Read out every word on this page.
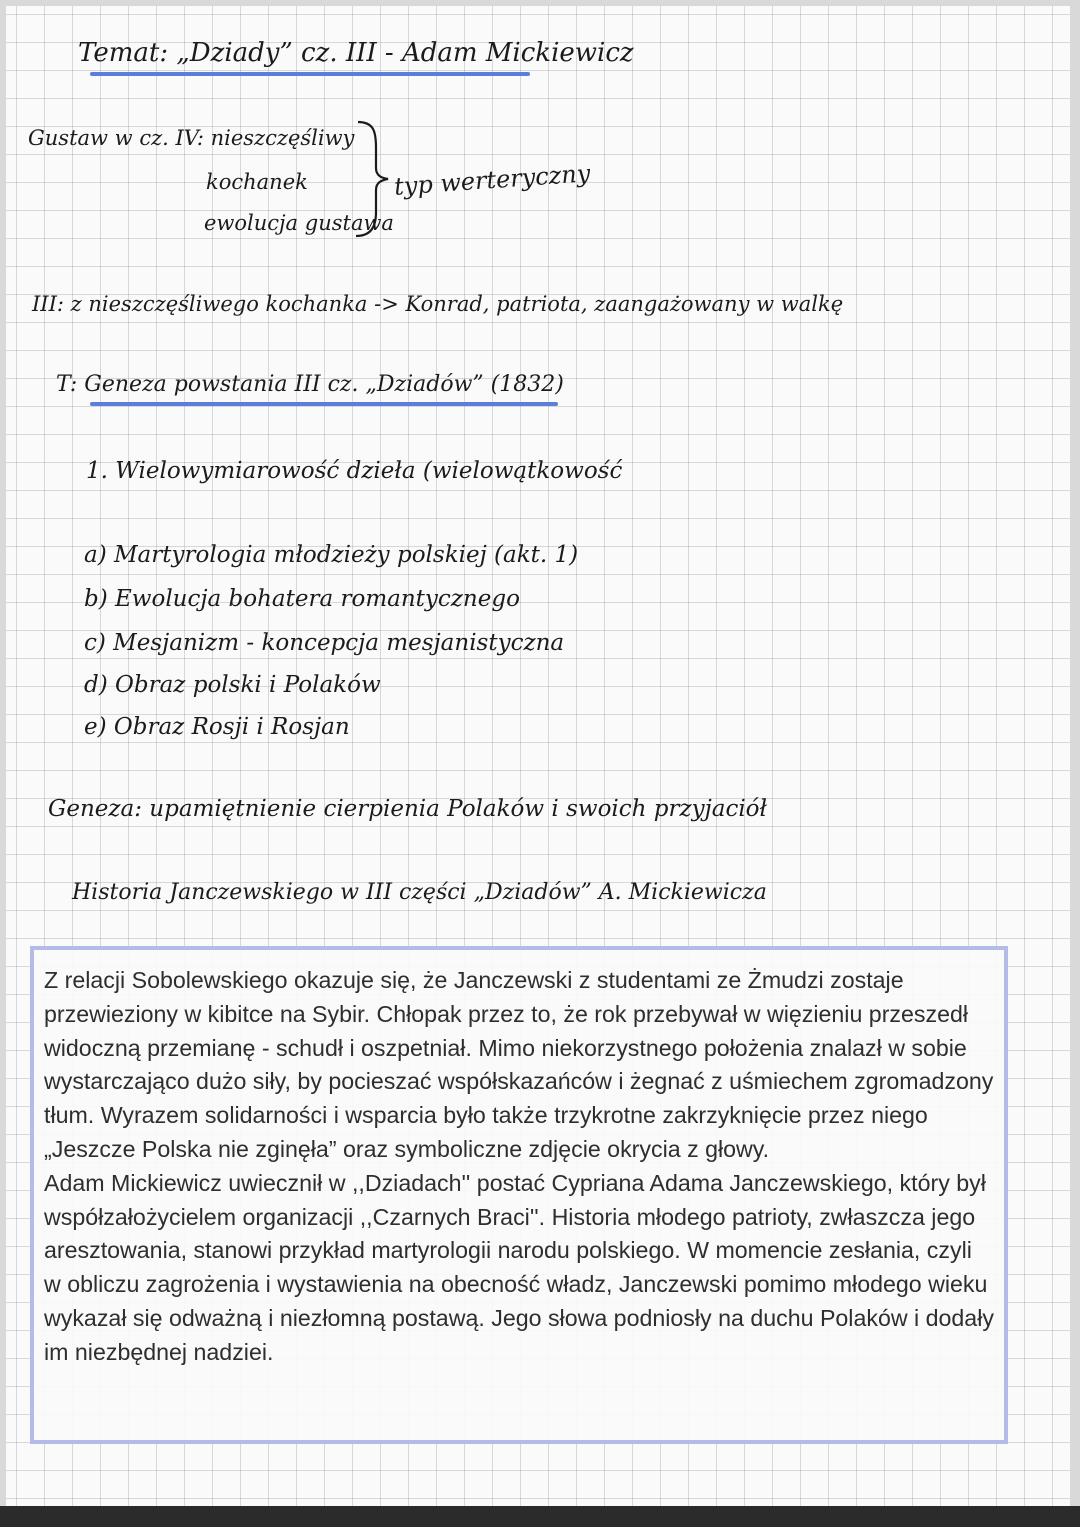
Temat: „Dziady” cz. III - Adam Mickiewicz
Gustaw w cz. IV: nieszczęśliwy
kochanek
ewolucja gustawa
typ werteryczny
III: z nieszczęśliwego kochanka -> Konrad, patriota, zaangażowany w walkę
T: Geneza powstania III cz. „Dziadów” (1832)
1. Wielowymiarowość dzieła (wielowątkowość
a) Martyrologia młodzieży polskiej (akt. 1)
b) Ewolucja bohatera romantycznego
c) Mesjanizm - koncepcja mesjanistyczna
d) Obraz polski i Polaków
e) Obraz Rosji i Rosjan
Geneza: upamiętnienie cierpienia Polaków i swoich przyjaciół
Historia Janczewskiego w III części „Dziadów” A. Mickiewicza

Z relacji Sobolewskiego okazuje się, że Janczewski z studentami ze Żmudzi zostaje przewieziony w kibitce na Sybir. Chłopak przez to, że rok przebywał w więzieniu przeszedł widoczną przemianę - schudł i oszpetniał. Mimo niekorzystnego położenia znalazł w sobie wystarczająco dużo siły, by pocieszać współskazańców i żegnać z uśmiechem zgromadzony tłum. Wyrazem solidarności i wsparcia było także trzykrotne zakrzyknięcie przez niego „Jeszcze Polska nie zginęła” oraz symboliczne zdjęcie okrycia z głowy.

Adam Mickiewicz uwiecznił w ,,Dziadach'' postać Cypriana Adama Janczewskiego, który był współzałożycielem organizacji ,,Czarnych Braci''. Historia młodego patrioty, zwłaszcza jego aresztowania, stanowi przykład martyrologii narodu polskiego. W momencie zesłania, czyli w obliczu zagrożenia i wystawienia na obecność władz, Janczewski pomimo młodego wieku wykazał się odważną i niezłomną postawą. Jego słowa podniosły na duchu Polaków i dodały im niezbędnej nadziei.
